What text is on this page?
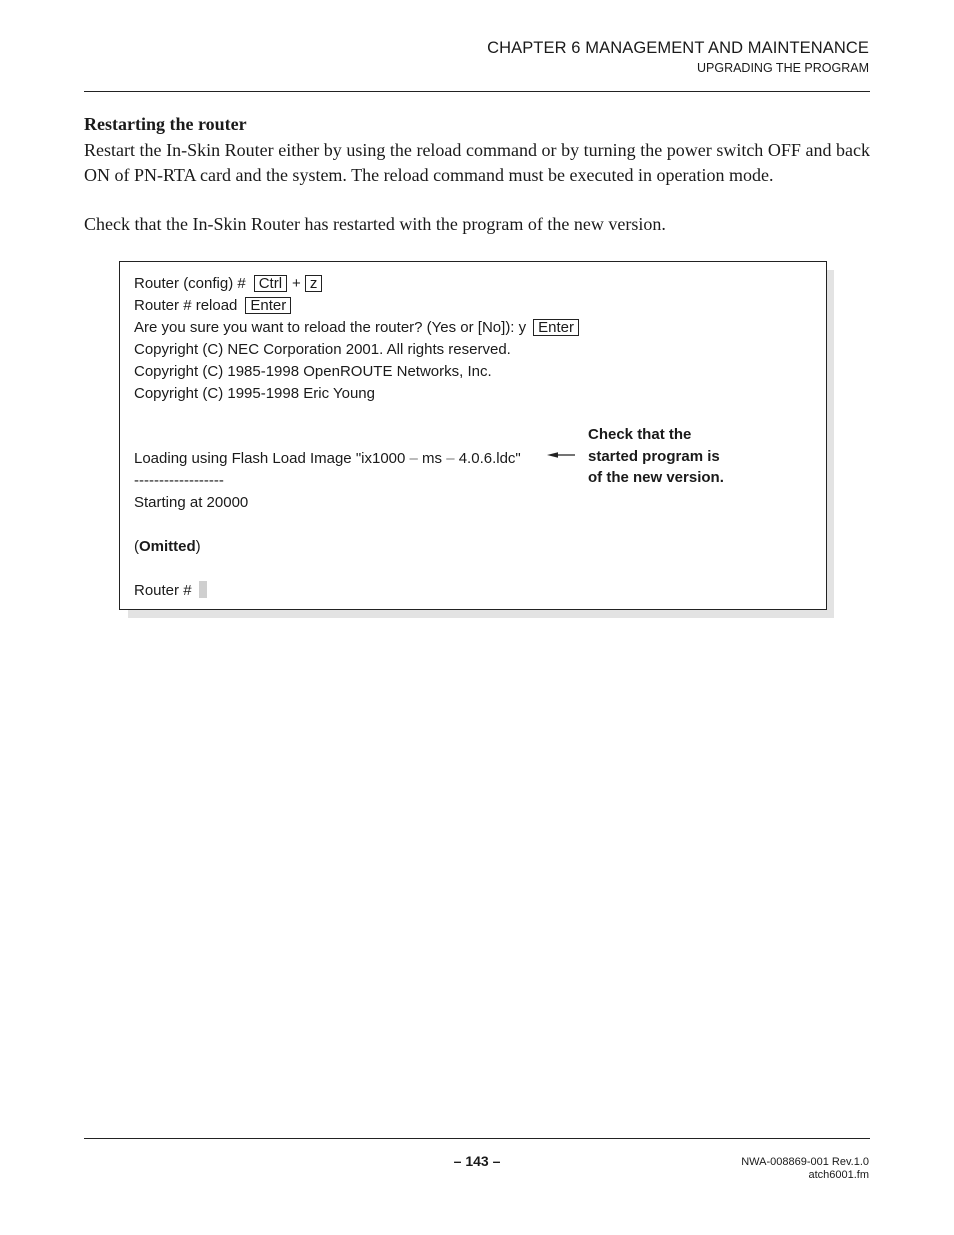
CHAPTER 6 MANAGEMENT AND MAINTENANCE
UPGRADING THE PROGRAM
Restarting the router
Restart the In-Skin Router either by using the reload command or by turning the power switch OFF and back ON of PN-RTA card and the system. The reload command must be executed in operation mode.
Check that the In-Skin Router has restarted with the program of the new version.
Router (config) # Ctrl + z
Router # reload Enter
Are you sure you want to reload the router? (Yes or [No]): y Enter
Copyright (C) NEC Corporation 2001. All rights reserved.
Copyright (C) 1985-1998 OpenROUTE Networks, Inc.
Copyright (C) 1995-1998 Eric Young
Loading using Flash Load Image "ix1000 – ms – 4.0.6.ldc"
------------------
Starting at 20000
(Omitted)
Router #
Check that the
started program is
of the new version.
– 143 –	NWA-008869-001 Rev.1.0
atch6001.fm
